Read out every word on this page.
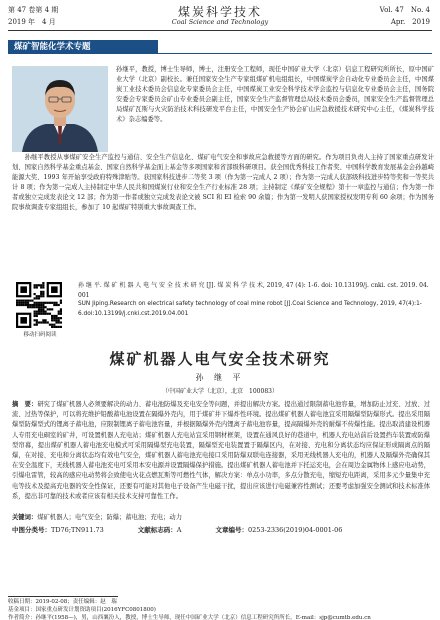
第 47 卷第 4 期
2019 年　4 月
煤炭科学技术
Coal Science and Technology
Vol. 47　No. 4
Apr.　2019
煤矿智能化学术专题
孙继平，教授，博士生导师，博士，注册安全工程师，现任中国矿业大学（北京）信息工程研究所所长，原中国矿业大学（北京）副校长。兼任国家安全生产专家组煤矿机电组组长，中国煤炭学会自动化专业委员会主任，中国煤炭工业技术委员会信息化专家委员会主任，中国煤炭工业安全科学技术学会监控与信息化专业委员会主任，国务院安委会专家委员会矿山专业委员会副主任，国家安全生产监督管理总局技术委员会委员，国家安全生产监督管理总局煤矿瓦斯与火灾防治技术科技研发平台主任，中国安全生产协会矿山应急救援技术研究中心主任，《煤炭科学技术》杂志编委等。
孙继平教授从事煤矿安全生产监控与通信、安全生产信息化、煤矿电气安全和事故应急救援等方面的研究。作为项目负责人主持了国家重点研发计划、国家自然科学基金重点基金、国家自然科学基金面上基金等多项国家和省部级科研项目。获全国优秀科技工作者奖、中国科学教育发展基金会孙越崎能源大奖、1993 年开始享受政府特殊津贴等。获国家科技进步二等奖 3 项（作为第一完成人 2 项）；作为第一完成人获部级科技进步特等奖和一等奖共计 8 项；作为第一完成人主持制定中华人民共和国煤炭行业和安全生产行业标准 28 项；主持制定《煤矿安全规程》第十一章监控与通信；作为第一作者或独立完成发表论文 12 部；作为第一作者或独立完成发表论文被 SCI 和 EI 检索 90 余篇；作为第一发明人获国家授权发明专利 60 余项；作为国务院事故调查专家组组长，参加了 10 起煤矿特别重大事故调查工作。
移动扫码阅读
孙 继 平. 煤 矿 机 器 人 电 气 安 全 技 术 研 究 [J]. 煤 炭 科 学 技 术, 2019, 47 (4): 1-6. doi: 10.13199/j. cnki. cst. 2019. 04. 001
SUN Jiping.Research on electrical safety technology of coal mine robot [J].Coal Science and Technology, 2019, 47(4):1-6.doi:10.13199/j.cnki.cst.2019.04.001
煤矿机器人电气安全技术研究
孙 继 平
（中国矿业大学（北京），北京　100083）
摘　要：研究了煤矿机器人必须要解决的动力、蓄电池防爆及充电安全等问题，并提出解决方案。提出通过限制蓄电池容量，增加防止过充、过放、过流、过热等保护，可以将充维护铅酸蓄电池设置在隔爆外壳内，用于煤矿井下爆炸性环境。提出煤矿机器人蓄电池宜采用隔爆型防爆形式。提出采用隔爆型防爆型式的锂离子蓄电池，应限制锂离子蓄电池容量，并根据隔爆外壳内锂离子蓄电池容量，提高隔爆外壳的耐爆不传爆性能。提出取消建设机器人专用充电硐室的矿井，可设置机器人充电站；煤矿机器人充电站宜采用钢材框架，设置在通风良好的巷道中，机器人充电站前后设置挡车装置或防爆型帘幕，提出煤矿机器人蓄电池充电模式可采用隔爆型充电装置，隔爆型充电装置置于隔爆区内，在对接、充电和分离状态均应保证形成隔离点的隔爆，在对接、充电和分离状态均有效电气安全，煤矿机器人蓄电池充电接口采用防爆双联电连接器，采用无线机器人充电的，机器人及隔爆外壳确保其在安全温度下，无线机器人蓄电池充电可采用本安电源并设置隔爆保护措施。提出煤矿机器人蓄电池并下托运充电，会在周边金属物体上感应电动势，引爆电雷管，较高的感应电动势将会致使电火花点燃瓦斯等可燃性气体，解决方案：单点小功率，多点分散充电，缩短充电距离，采用多元少量集中充电等技术及提高充电器的安全性保证，还要有可能对其他电子设备产生电磁干扰，提出应该进行电磁兼容性测试；还要考虑加强安全测试和技术标准体系，提出非可靠的技术或者应该有相关技术支持可靠性工作。
关键词：煤矿机器人；电气安全；防爆；蓄电池；充电；动力
中图分类号：TD76;TN911.73	文献标志码：A	文章编号：0253-2336(2019)04-0001-06
收稿日期：2019-02-08；责任编辑：赵　瑞
基金项目：国家重点研发计划资助项目(2016YFC0801800)
作者简介：孙继平(1958—)，男，山西襄汾人，教授，博士生导师，现任中国矿业大学（北京）信息工程研究所所长。E-mail：sjp@cumtb.edu.cn
